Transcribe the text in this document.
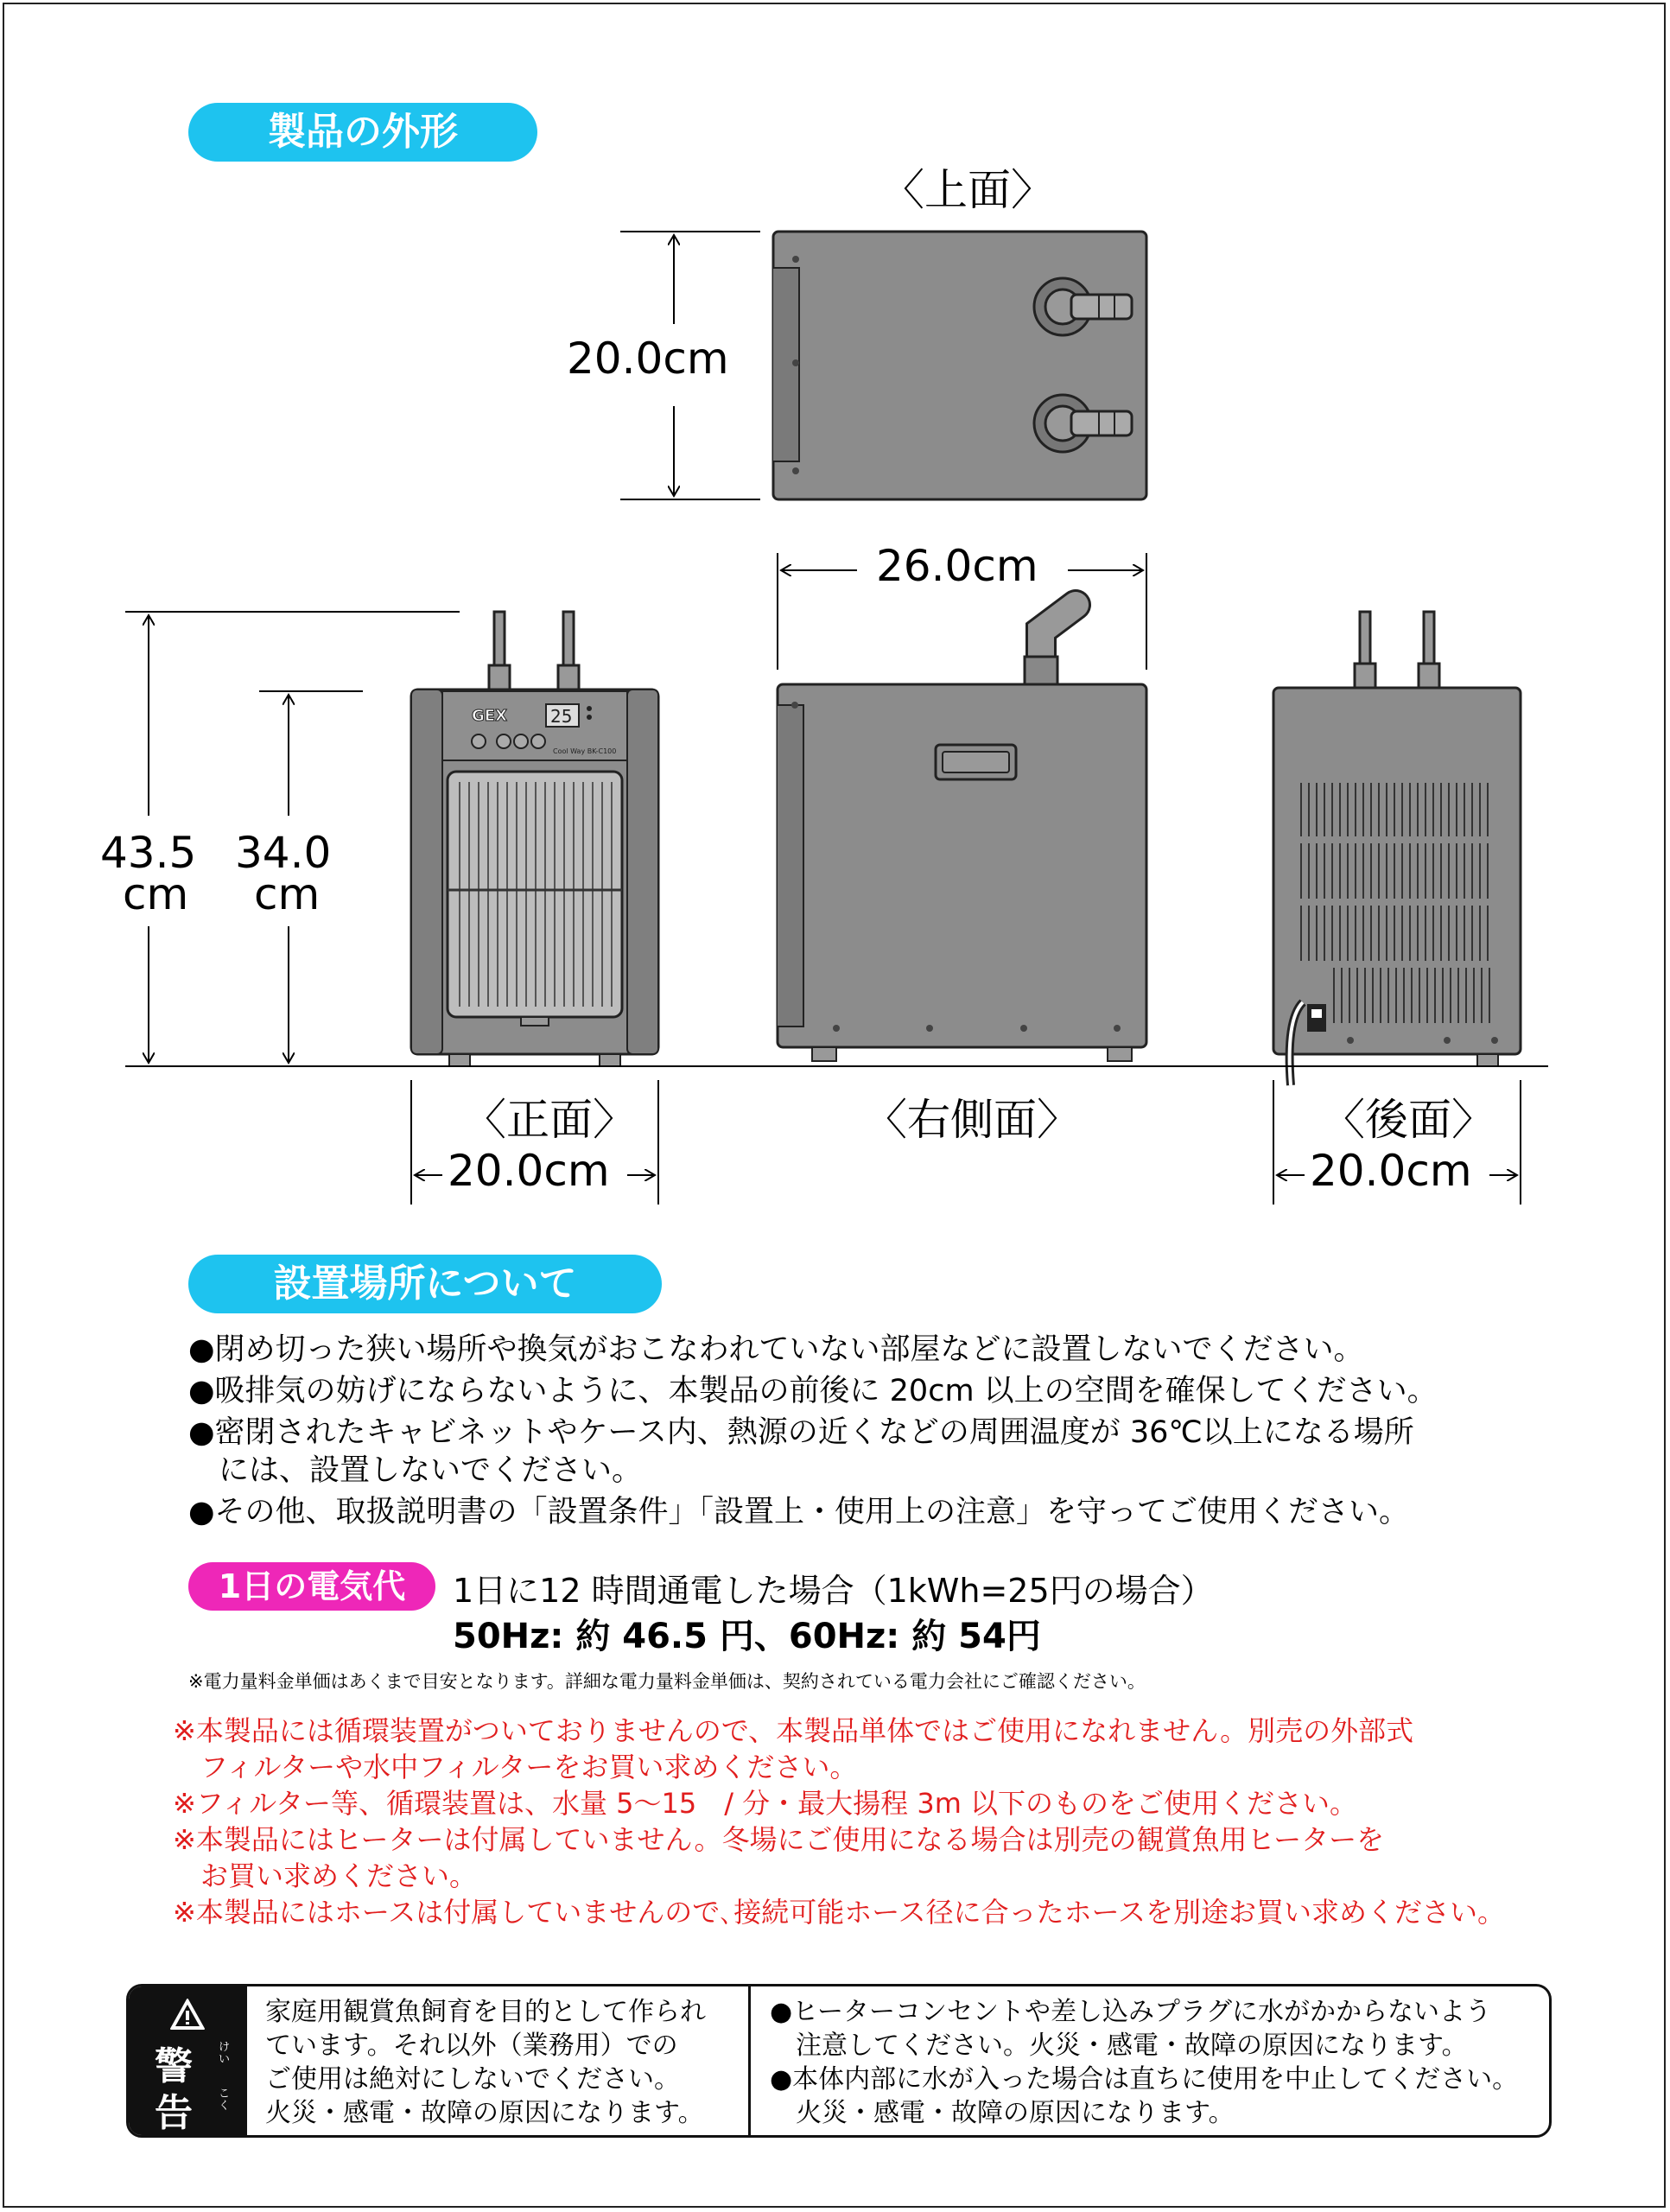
製品の外形
GEX	25
Cool Way BK-C100
〈上面〉
〈正面〉	〈右側面〉	〈後面〉
20.0cm
26.0cm
43.5
cm
34.0
cm
20.0cm	20.0cm
設置場所について
●閉め切った狭い場所や換気がおこなわれていない部屋などに設置しないでください。
●吸排気の妨げにならないように、本製品の前後に 20cm 以上の空間を確保してください。
●密閉されたキャビネットやケース内、熱源の近くなどの周囲温度が 36℃以上になる場所
　には、設置しないでください。
●その他、取扱説明書の「設置条件」「設置上・使用上の注意」を守ってご使用ください。
1日の電気代	1日に12 時間通電した場合（1kWh=25円の場合）
50Hz: 約 46.5 円、60Hz: 約 54円
※電力量料金単価はあくまで目安となります。詳細な電力量料金単価は、契約されている電力会社にご確認ください。
※本製品には循環装置がついておりませんので、本製品単体ではご使用になれません。別売の外部式
　フィルターや水中フィルターをお買い求めください。
※フィルター等、循環装置は、水量 5～15　/ 分・最大揚程 3m 以下のものをご使用ください。
※本製品にはヒーターは付属していません。冬場にご使用になる場合は別売の観賞魚用ヒーターを
　お買い求めください。
※本製品にはホースは付属していませんので､接続可能ホース径に合ったホースを別途お買い求めください。
警 けい
告 こく
家庭用観賞魚飼育を目的として作られ
ています。それ以外（業務用）での
ご使用は絶対にしないでください。
火災・感電・故障の原因になります。
●ヒーターコンセントや差し込みプラグに水がかからないよう
　注意してください。火災・感電・故障の原因になります。
●本体内部に水が入った場合は直ちに使用を中止してください。
　火災・感電・故障の原因になります。
